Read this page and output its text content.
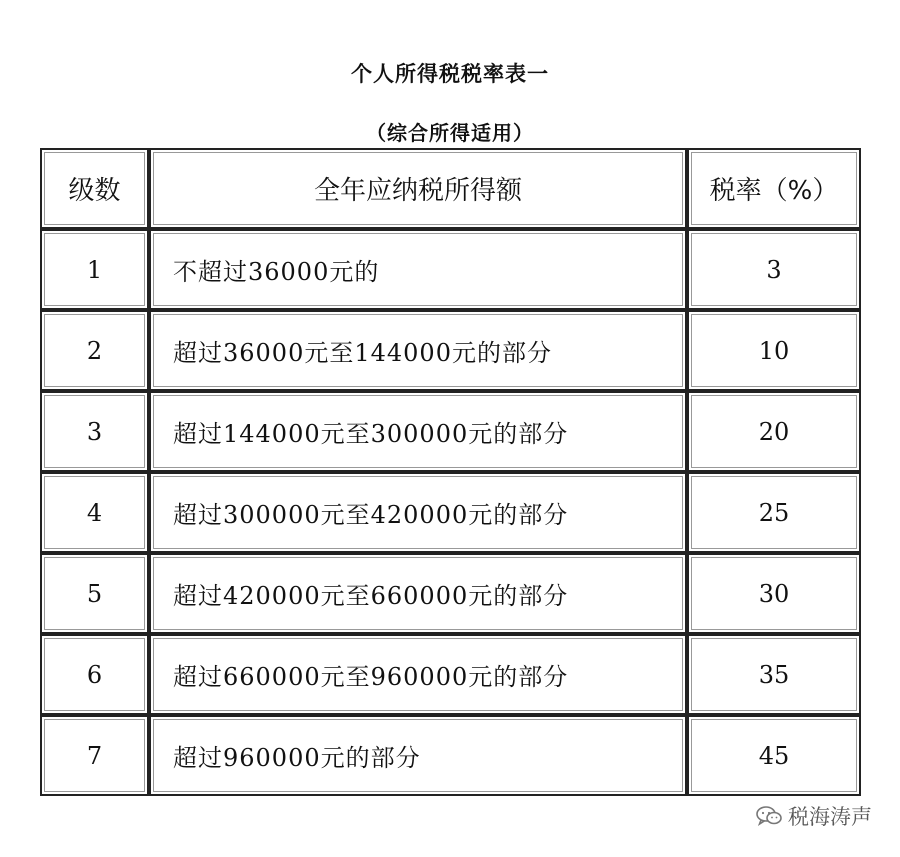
个人所得税税率表一
（综合所得适用）
级数	全年应纳税所得额	税率（%）
1	不超过36000元的	3
2	超过36000元至144000元的部分	10
3	超过144000元至300000元的部分	20
4	超过300000元至420000元的部分	25
5	超过420000元至660000元的部分	30
6	超过660000元至960000元的部分	35
7	超过960000元的部分	45
税海涛声
